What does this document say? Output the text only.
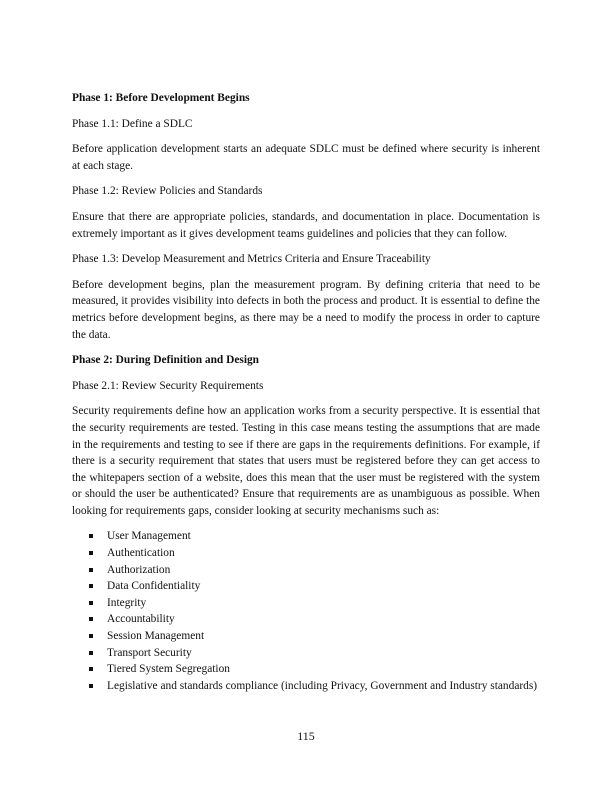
Phase 1: Before Development Begins

Phase 1.1: Define a SDLC

Before application development starts an adequate SDLC must be defined where security is inherent at each stage.

Phase 1.2: Review Policies and Standards

Ensure that there are appropriate policies, standards, and documentation in place. Documentation is extremely important as it gives development teams guidelines and policies that they can follow.

Phase 1.3: Develop Measurement and Metrics Criteria and Ensure Traceability

Before development begins, plan the measurement program. By defining criteria that need to be measured, it provides visibility into defects in both the process and product. It is essential to define the metrics before development begins, as there may be a need to modify the process in order to capture the data.

Phase 2: During Definition and Design

Phase 2.1: Review Security Requirements

Security requirements define how an application works from a security perspective. It is essential that the security requirements are tested. Testing in this case means testing the assumptions that are made in the requirements and testing to see if there are gaps in the requirements definitions. For example, if there is a security requirement that states that users must be registered before they can get access to the whitepapers section of a website, does this mean that the user must be registered with the system or should the user be authenticated? Ensure that requirements are as unambiguous as possible. When looking for requirements gaps, consider looking at security mechanisms such as:

User Management
Authentication
Authorization
Data Confidentiality
Integrity
Accountability
Session Management
Transport Security
Tiered System Segregation
Legislative and standards compliance (including Privacy, Government and Industry standards)
115
